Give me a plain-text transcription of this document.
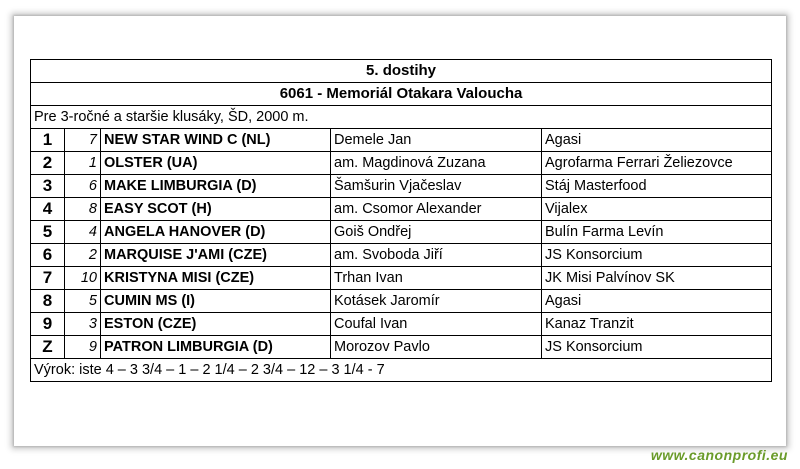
5. dostihy				
6061 - Memoriál Otakara Valoucha				
Pre 3-ročné a staršie klusáky, ŠD, 2000 m.				
1	7	NEW STAR WIND C (NL)	Demele Jan	Agasi
2	1	OLSTER (UA)	am. Magdinová Zuzana	Agrofarma Ferrari Želiezovce
3	6	MAKE LIMBURGIA (D)	Šamšurin Vjačeslav	Stáj Masterfood
4	8	EASY SCOT (H)	am. Csomor Alexander	Vijalex
5	4	ANGELA HANOVER (D)	Goiš Ondřej	Bulín Farma Levín
6	2	MARQUISE J'AMI (CZE)	am. Svoboda Jiří	JS Konsorcium
7	10	KRISTYNA MISI (CZE)	Trhan Ivan	JK Misi Palvínov SK
8	5	CUMIN MS (I)	Kotásek Jaromír	Agasi
9	3	ESTON (CZE)	Coufal Ivan	Kanaz Tranzit
Z	9	PATRON LIMBURGIA (D)	Morozov Pavlo	JS Konsorcium
Výrok: iste 4 – 3 3/4 – 1 – 2 1/4 – 2 3/4 – 12 – 3 1/4 - 7				
www.canonprofi.eu
